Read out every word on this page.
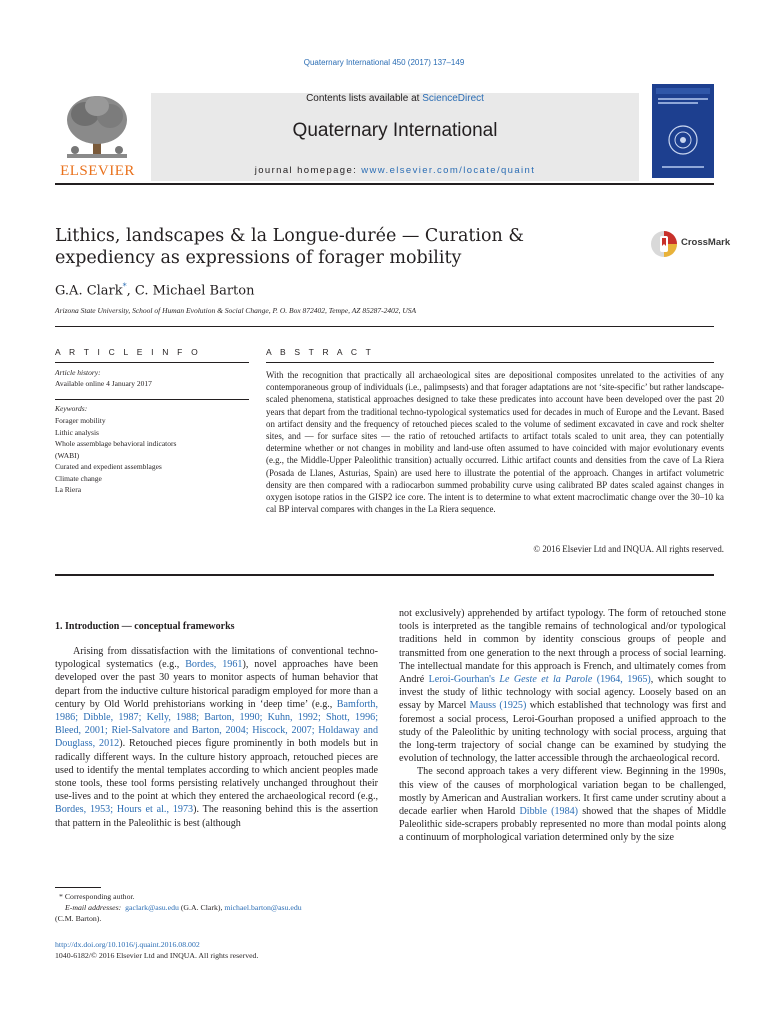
Quaternary International 450 (2017) 137–149
ELSEVIER
Contents lists available at ScienceDirect
Quaternary International
journal homepage: www.elsevier.com/locate/quaint
Lithics, landscapes & la Longue-durée — Curation & expediency as expressions of forager mobility
CrossMark
G.A. Clark*, C. Michael Barton
Arizona State University, School of Human Evolution & Social Change, P. O. Box 872402, Tempe, AZ 85287-2402, USA
A R T I C L E I N F O
Article history:
Available online 4 January 2017
Keywords:
Forager mobility
Lithic analysis
Whole assemblage behavioral indicators
(WABI)
Curated and expedient assemblages
Climate change
La Riera
A B S T R A C T
With the recognition that practically all archaeological sites are depositional composites unrelated to the activities of any contemporaneous group of individuals (i.e., palimpsests) and that forager adaptations are not ‘site-specific’ but rather landscape-scaled phenomena, statistical approaches designed to take these predicates into account have been developed over the past 20 years that depart from the traditional techno-typological systematics used for decades in much of Europe and the Levant. Based on artifact density and the frequency of retouched pieces scaled to the volume of sediment excavated in cave and rock shelter sites, and — for surface sites — the ratio of retouched artifacts to artifact totals scaled to unit area, they can potentially determine whether or not changes in mobility and land-use often assumed to have coincided with major evolutionary events (e.g., the Middle-Upper Paleolithic transition) actually occurred. Lithic artifact counts and densities from the cave of La Riera (Posada de Llanes, Asturias, Spain) are used here to illustrate the potential of the approach. Changes in artifact volumetric density are then compared with a radiocarbon summed probability curve using calibrated BP dates scaled against changes in oxygen isotope ratios in the GISP2 ice core. The intent is to determine to what extent macroclimatic change over the 30–10 ka cal BP interval compares with changes in the La Riera sequence.
© 2016 Elsevier Ltd and INQUA. All rights reserved.
1. Introduction — conceptual frameworks

Arising from dissatisfaction with the limitations of conventional techno-typological systematics (e.g., Bordes, 1961), novel approaches have been developed over the past 30 years to monitor aspects of human behavior that depart from the inductive culture historical paradigm employed for more than a century by Old World prehistorians working in ‘deep time’ (e.g., Bamforth, 1986; Dibble, 1987; Kelly, 1988; Barton, 1990; Kuhn, 1992; Shott, 1996; Bleed, 2001; Riel-Salvatore and Barton, 2004; Hiscock, 2007; Holdaway and Douglass, 2012). Retouched pieces figure prominently in both models but in radically different ways. In the culture history approach, retouched pieces are used to identify the mental templates according to which ancient peoples made stone tools, these tool forms persisting relatively unchanged throughout their use-lives and to the point at which they entered the archaeological record (e.g., Bordes, 1953; Hours et al., 1973). The reasoning behind this is the assertion that pattern in the Paleolithic is best (although

not exclusively) apprehended by artifact typology. The form of retouched stone tools is interpreted as the tangible remains of technological and/or typological traditions held in common by identity conscious groups of people and transmitted from one generation to the next through a process of social learning. The intellectual mandate for this approach is French, and ultimately comes from André Leroi-Gourhan's Le Geste et la Parole (1964, 1965), which sought to invest the study of lithic technology with social agency. Loosely based on an essay by Marcel Mauss (1925) which established that technology was first and foremost a social process, Leroi-Gourhan proposed a unified approach to the study of the Paleolithic by uniting technology with social process, arguing that the long-term trajectory of social change can be examined by studying the evolution of technology, the latter accessible through the archaeological record.

The second approach takes a very different view. Beginning in the 1990s, this view of the causes of morphological variation began to be challenged, mostly by American and Australian workers. It first came under scrutiny about a decade earlier when Harold Dibble (1984) showed that the shapes of Middle Paleolithic side-scrapers probably represented no more than modal points along a continuum of morphological variation determined only by the size

* Corresponding author.
E-mail addresses: gaclark@asu.edu (G.A. Clark), michael.barton@asu.edu
(C.M. Barton).
http://dx.doi.org/10.1016/j.quaint.2016.08.002
1040-6182/© 2016 Elsevier Ltd and INQUA. All rights reserved.
